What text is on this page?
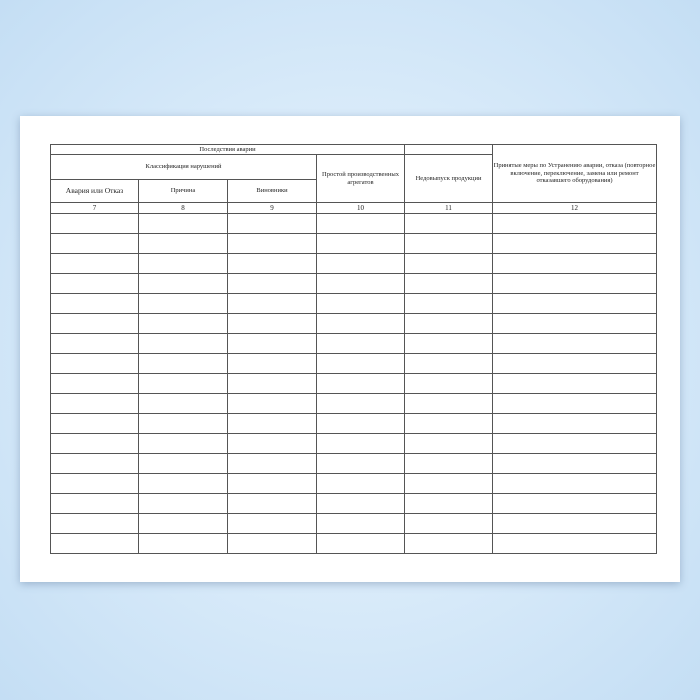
Последствия аварии					Принятые меры по Устранению аварии, отказа (повторное включение, переключение, замена или ремонт отказавшего оборудования)
Классификация нарушений			Простой производственных агрегатов	Недовыпуск продукции	
Авария или Отказ	Причина	Виновники			
7	8	9	10	11	12
